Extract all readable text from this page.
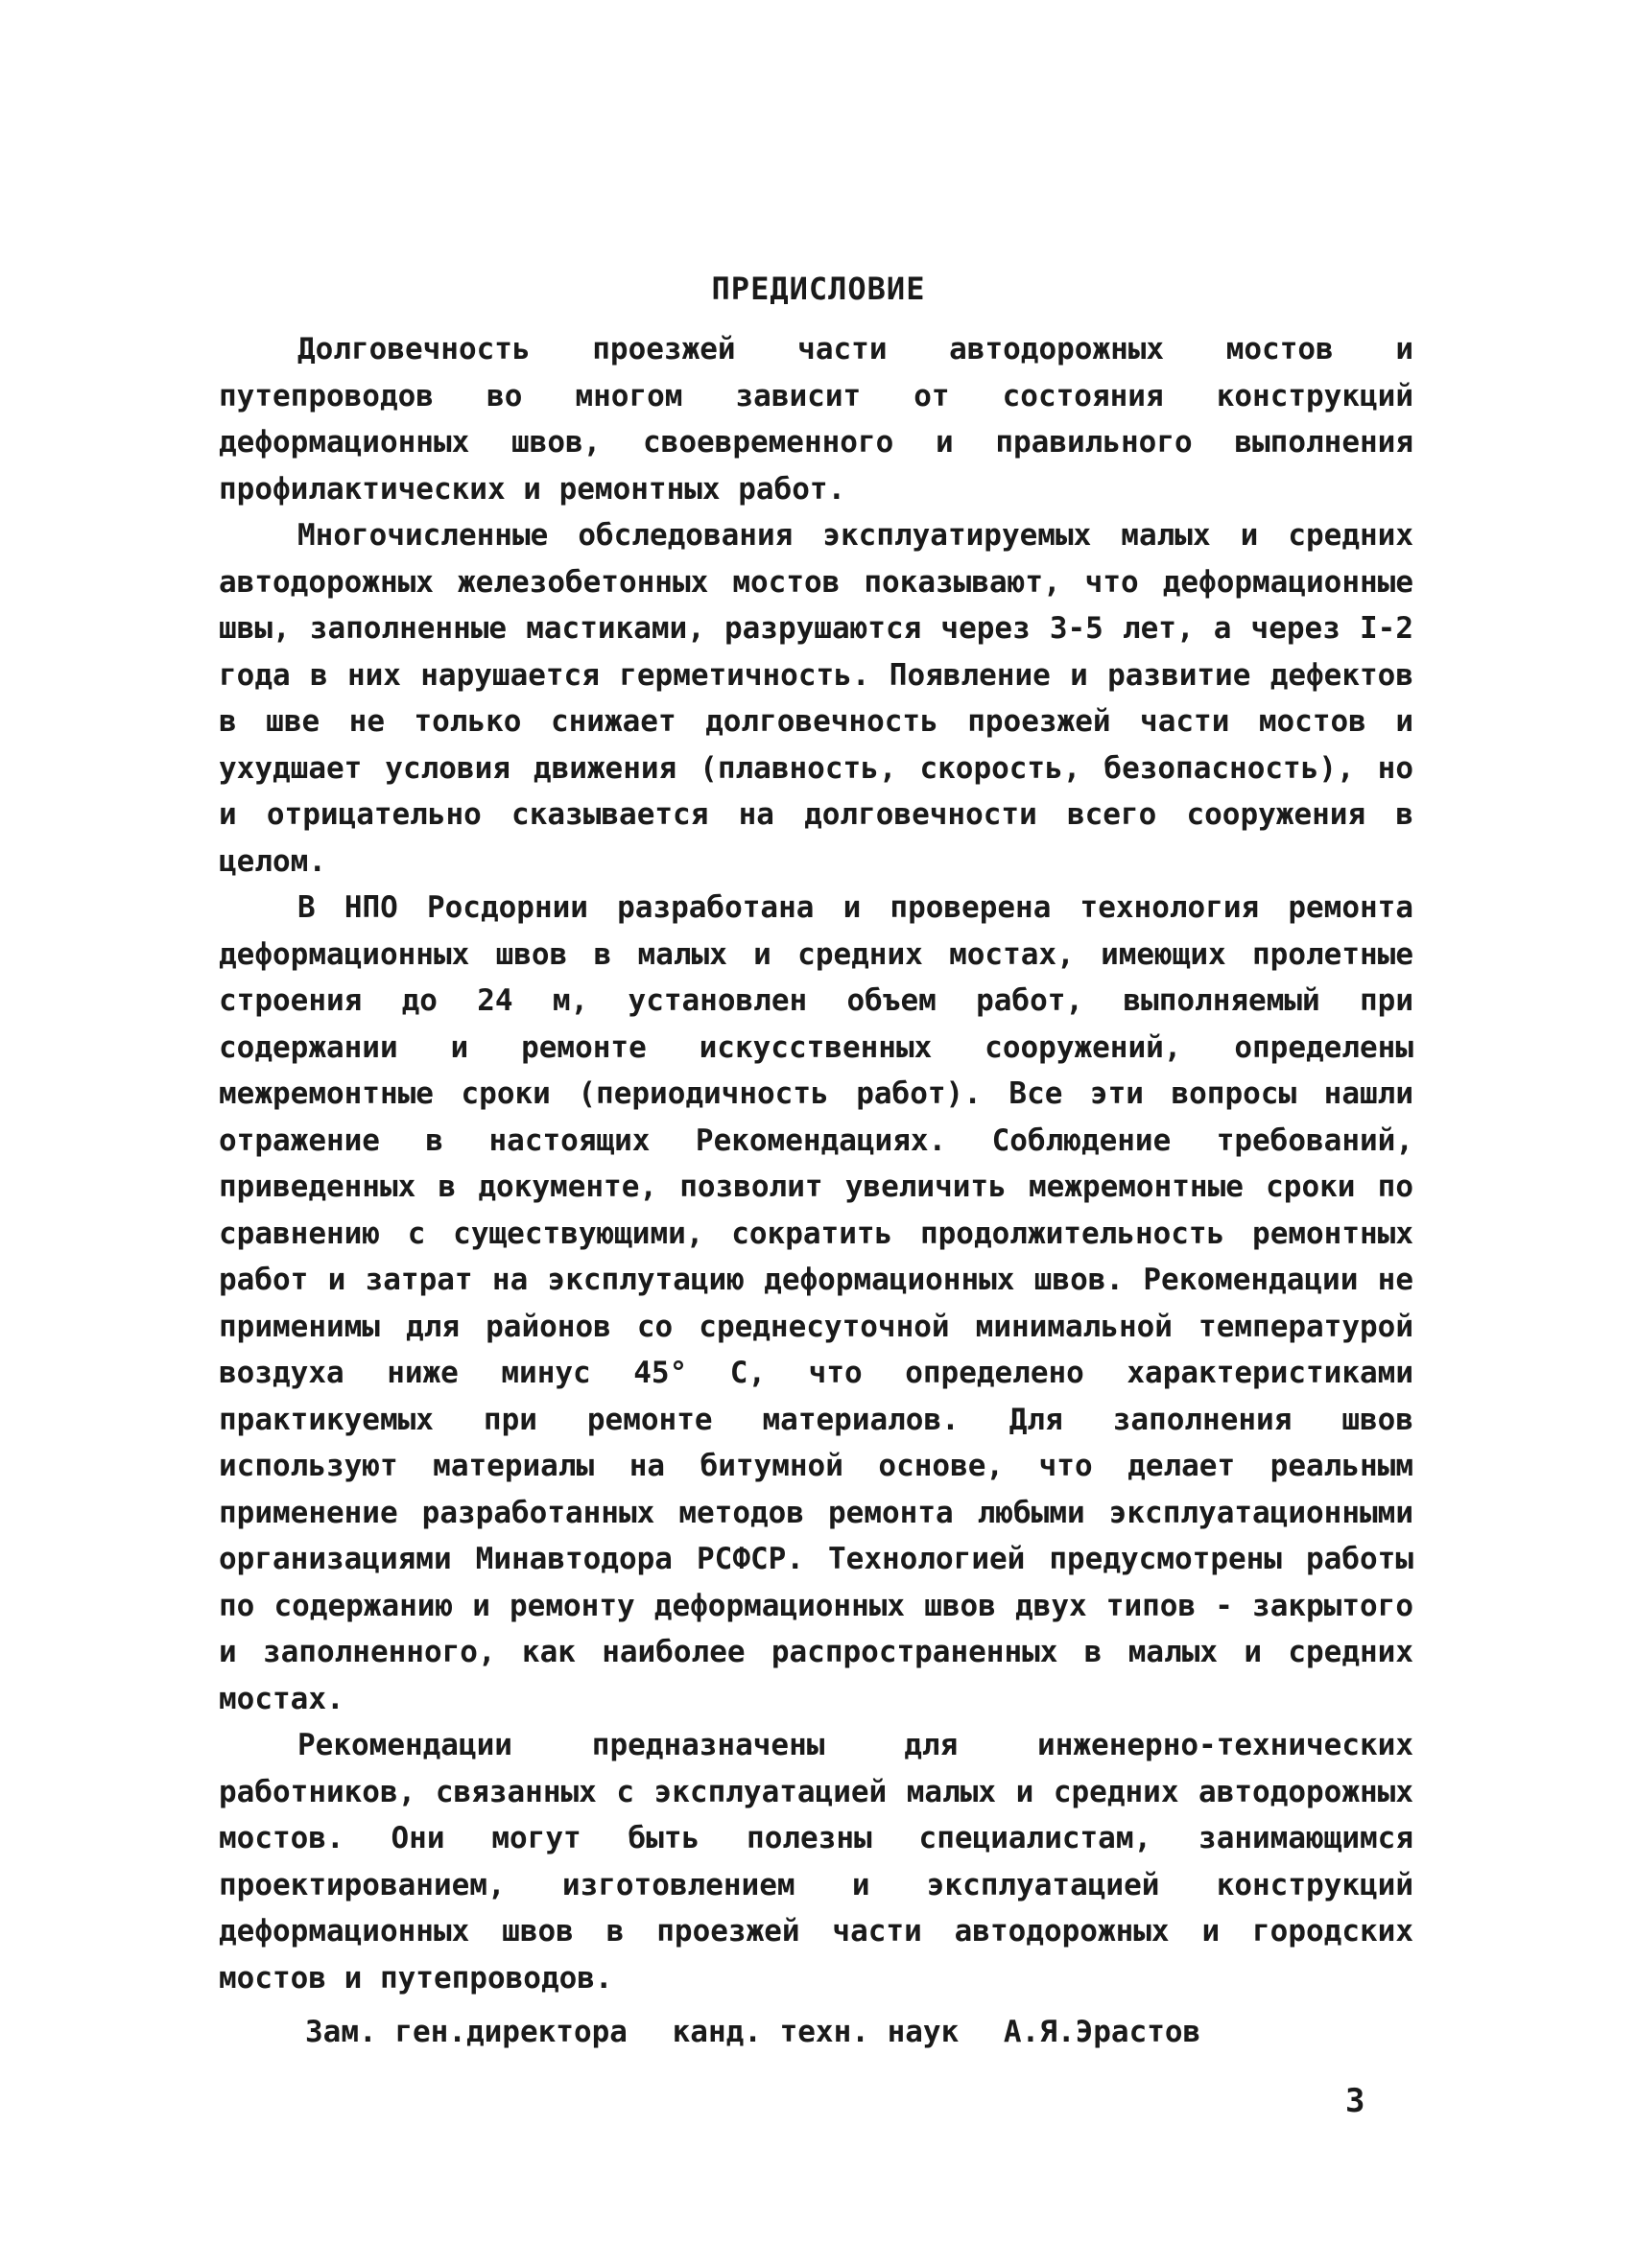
ПРЕДИСЛОВИЕ

Долговечность проезжей части автодорожных мостов и путепроводов во многом зависит от состояния конструкций деформационных швов, своевременного и правильного выполнения профилактических и ремонтных работ.

Многочисленные обследования эксплуатируемых малых и средних автодорожных железобетонных мостов показывают, что деформационные швы, заполненные мастиками, разрушаются через 3-5 лет, а через I-2 года в них нарушается герметичность. Появление и развитие дефектов в шве не только снижает долговечность проезжей части мостов и ухудшает условия движения (плавность, скорость, безопасность), но и отрицательно сказывается на долговечности всего сооружения в целом.

В НПО Росдорнии разработана и проверена технология ремонта деформационных швов в малых и средних мостах, имеющих пролетные строения до 24 м, установлен объем работ, выполняемый при содержании и ремонте искусственных сооружений, определены межремонтные сроки (периодичность работ). Все эти вопросы нашли отражение в настоящих Рекомендациях. Соблюдение требований, приведенных в документе, позволит увеличить межремонтные сроки по сравнению с существующими, сократить продолжительность ремонтных работ и затрат на эксплутацию деформационных швов. Рекомендации не применимы для районов со среднесуточной минимальной температурой воздуха ниже минус 45° С, что определено характеристиками практикуемых при ремонте материалов. Для заполнения швов используют материалы на битумной основе, что делает реальным применение разработанных методов ремонта любыми эксплуатационными организациями Минавтодора РСФСР. Технологией предусмотрены работы по содержанию и ремонту деформационных швов двух типов - закрытого и заполненного, как наиболее распространенных в малых и средних мостах.

Рекомендации предназначены для инженерно-технических работников, связанных с эксплуатацией малых и средних автодорожных мостов. Они могут быть полезны специалистам, занимающимся проектированием, изготовлением и эксплуатацией конструкций деформационных швов в проезжей части автодорожных и городских мостов и путепроводов.

Зам. ген.директора канд. техн. наук А.Я.Эрастов
3
